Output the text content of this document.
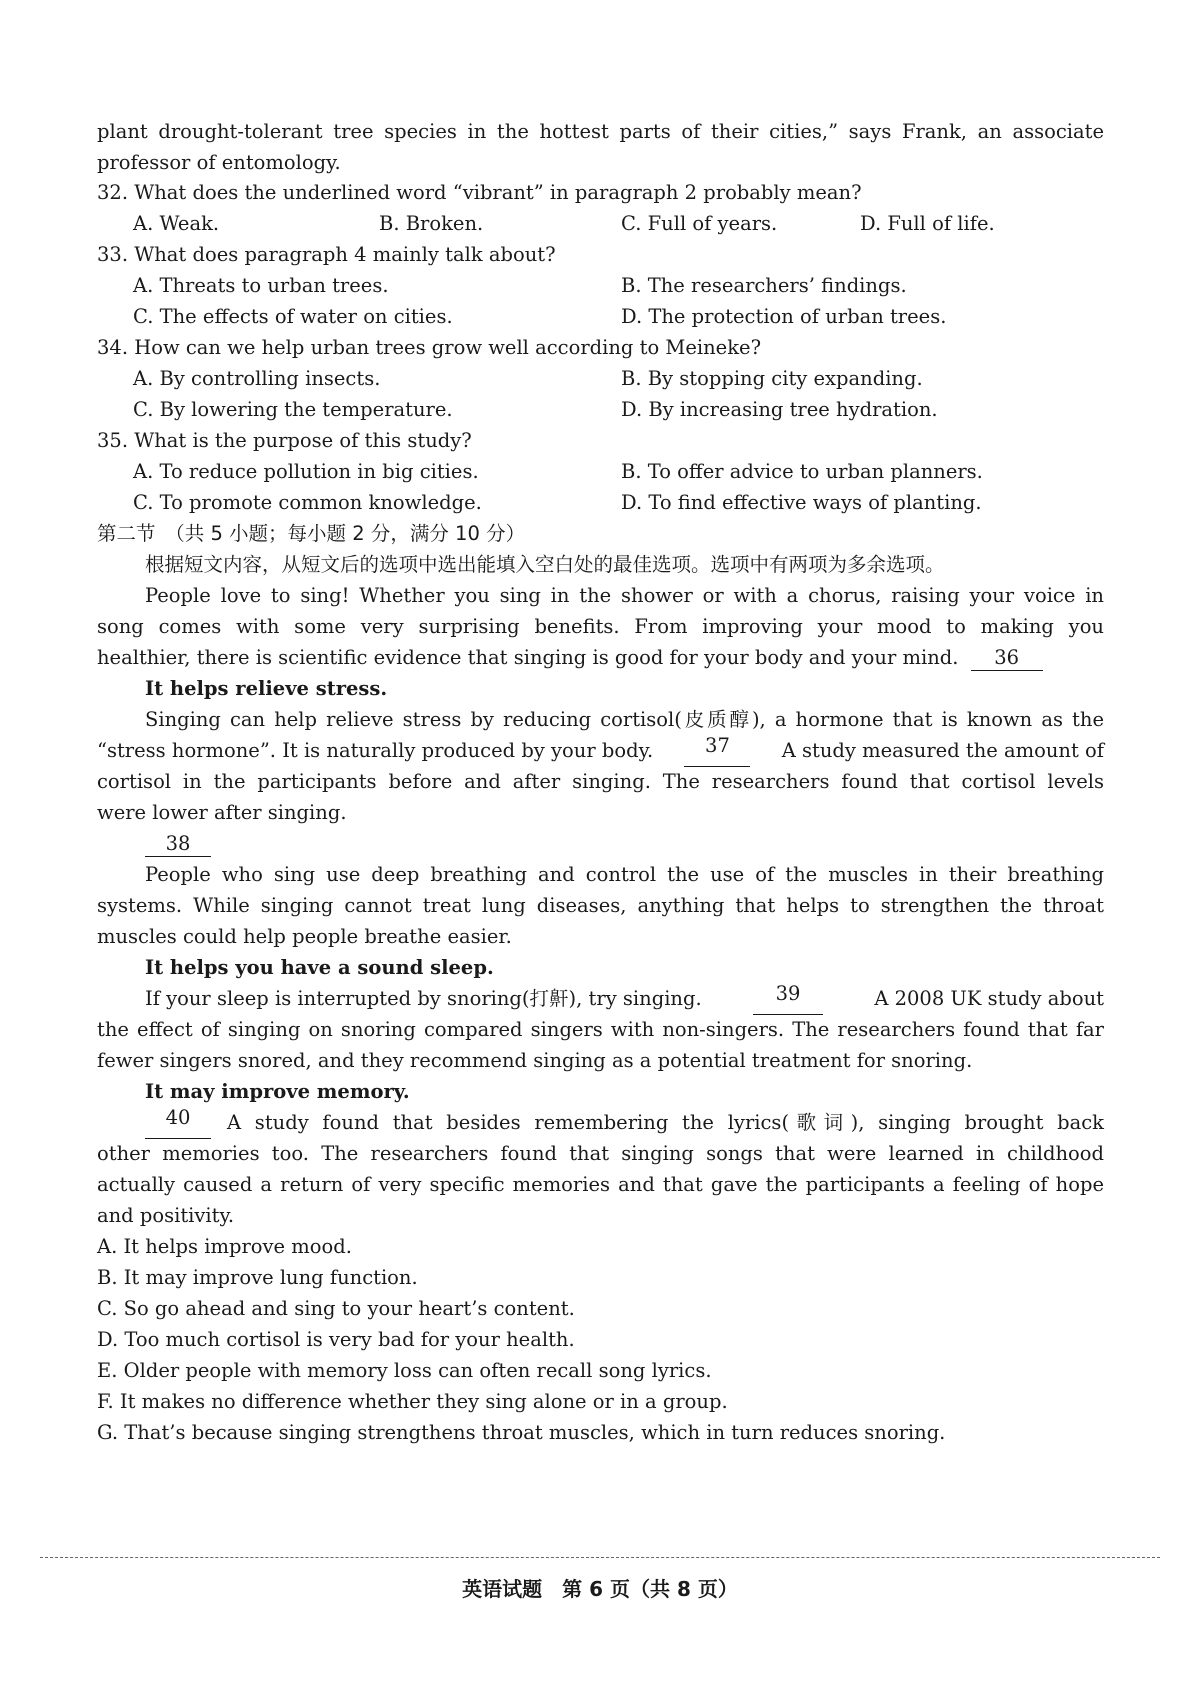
plant drought-tolerant tree species in the hottest parts of their cities,” says Frank, an associate
professor of entomology.
32. What does the underlined word “vibrant” in paragraph 2 probably mean?
A. Weak.	B. Broken.	C. Full of years.	D. Full of life.
33. What does paragraph 4 mainly talk about?
A. Threats to urban trees.	B. The researchers’ findings.
C. The effects of water on cities.	D. The protection of urban trees.
34. How can we help urban trees grow well according to Meineke?
A. By controlling insects.	B. By stopping city expanding.
C. By lowering the temperature.	D. By increasing tree hydration.
35. What is the purpose of this study?
A. To reduce pollution in big cities.	B. To offer advice to urban planners.
C. To promote common knowledge.	D. To find effective ways of planting.
第二节　（共 5 小题；每小题 2 分，满分 10 分）
根据短文内容，从短文后的选项中选出能填入空白处的最佳选项。选项中有两项为多余选项。
People love to sing! Whether you sing in the shower or with a chorus, raising your voice in
song comes with some very surprising benefits. From improving your mood to making you
healthier, there is scientific evidence that singing is good for your body and your mind. 36
It helps relieve stress.
Singing can help relieve stress by reducing cortisol(皮质醇), a hormone that is known as the
“stress hormone”. It is naturally produced by your body.	37	A study measured the amount of
cortisol in the participants before and after singing. The researchers found that cortisol levels
were lower after singing.
38
People who sing use deep breathing and control the use of the muscles in their breathing
systems. While singing cannot treat lung diseases, anything that helps to strengthen the throat
muscles could help people breathe easier.
It helps you have a sound sleep.
If your sleep is interrupted by snoring(打鼾), try singing.	39	A 2008 UK study about
the effect of singing on snoring compared singers with non-singers. The researchers found that far
fewer singers snored, and they recommend singing as a potential treatment for snoring.
It may improve memory.
40	A study found that besides remembering the lyrics(歌词), singing brought back
other memories too. The researchers found that singing songs that were learned in childhood
actually caused a return of very specific memories and that gave the participants a feeling of hope
and positivity.
A. It helps improve mood.
B. It may improve lung function.
C. So go ahead and sing to your heart’s content.
D. Too much cortisol is very bad for your health.
E. Older people with memory loss can often recall song lyrics.
F. It makes no difference whether they sing alone or in a group.
G. That’s because singing strengthens throat muscles, which in turn reduces snoring.
英语试题　第 6 页（共 8 页）
